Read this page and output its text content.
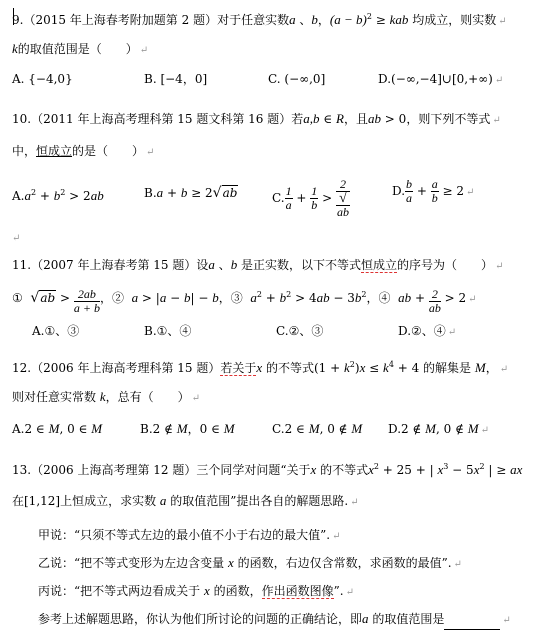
9.（2015 年上海春考附加题第 2 题）对于任意实数a 、b，$(a - b)^2$ ≥ kab 均成立，则实数 ↵
k的取值范围是（　　） ↵
A. {−4,0}	B. [−4，0]	C. (−∞,0]	D.(−∞,−4]∪[0,+∞) ↵
10.（2011 年上海高考理科第 15 题文科第 16 题）若a,b ∈ R，且ab > 0，则下列不等式 ↵
中，恒成立的是（　　） ↵
$A.a^2 + b^2 > 2ab$	B.a + b ≥ 2√ab	C. $\frac{1}{a} + \frac{1}{b} > 2$
√
ab	D. $\frac{b}{a} + \frac{a}{b} \ge 2$ ↵
↵
11.（2007 年上海春考第 15 题）设a 、b 是正实数，以下不等式恒成立的序号为（　　） ↵
①  $√ab > \frac{2ab}{a + b}$ ，②  a > |a − b| − b，③  $a^2 + b^2 > 4ab - 3b^2$，④  ab + $\frac{2}{ab} > 2$ ↵
A.①、③	B.①、④	C.②、③	D.②、④ ↵
12.（2006 年上海高考理科第 15 题）若关于x 的不等式$(1 + k^2)x \le k^4 + 4$ 的解集是 M， ↵
则对任意实常数 k，总有（　　） ↵
A.2 ∈ M, 0 ∈ M	B.2 ∉ M，0 ∈ M	C.2 ∈ M, 0 ∉ M D.2 ∉ M, 0 ∉ M ↵
13.（2006 上海高考理第 12 题）三个同学对问题“关于x 的不等式$x^2 + 25$ + | $x^3 - 5x^2$ | ≥ ax
在[1,12]上恒成立，求实数 a 的取值范围”提出各自的解题思路. ↵
甲说：“只须不等式左边的最小值不小于右边的最大值”. ↵
乙说：“把不等式变形为左边含变量 x 的函数，右边仅含常数，求函数的最值”. ↵
丙说：“把不等式两边看成关于 x 的函数，作出函数图像”. ↵
参考上述解题思路，你认为他们所讨论的问题的正确结论，即a 的取值范围是	↵
